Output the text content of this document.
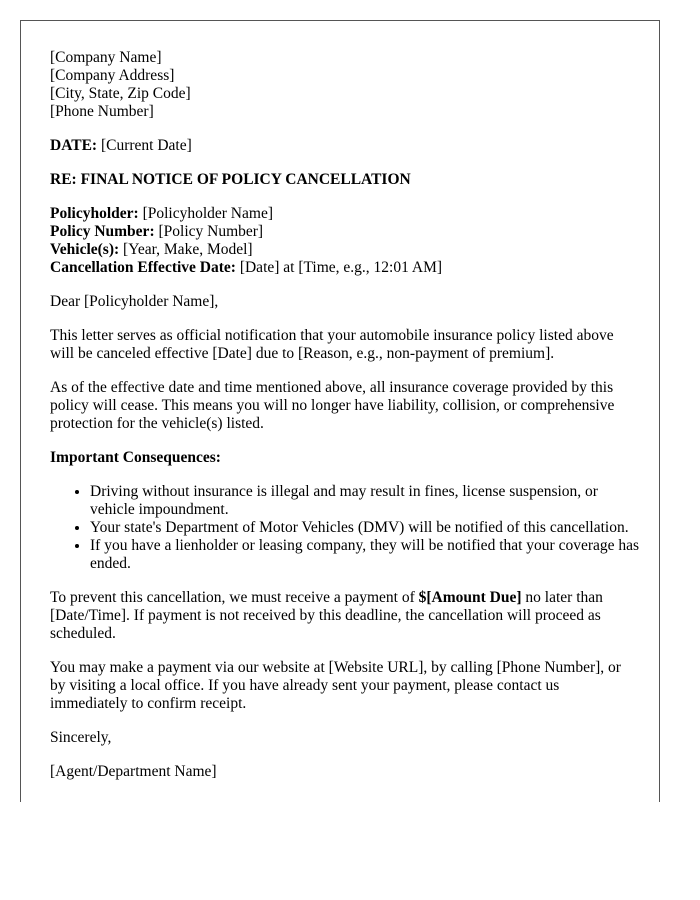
[Company Name]
[Company Address]
[City, State, Zip Code]
[Phone Number]
DATE: [Current Date]
RE: FINAL NOTICE OF POLICY CANCELLATION
Policyholder: [Policyholder Name]
Policy Number: [Policy Number]
Vehicle(s): [Year, Make, Model]
Cancellation Effective Date: [Date] at [Time, e.g., 12:01 AM]

Dear [Policyholder Name],

This letter serves as official notification that your automobile insurance policy listed above will be canceled effective [Date] due to [Reason, e.g., non-payment of premium].

As of the effective date and time mentioned above, all insurance coverage provided by this policy will cease. This means you will no longer have liability, collision, or comprehensive protection for the vehicle(s) listed.

Important Consequences:

• Driving without insurance is illegal and may result in fines, license suspension, or vehicle impoundment.
• Your state's Department of Motor Vehicles (DMV) will be notified of this cancellation.
• If you have a lienholder or leasing company, they will be notified that your coverage has ended.

To prevent this cancellation, we must receive a payment of $[Amount Due] no later than [Date/Time]. If payment is not received by this deadline, the cancellation will proceed as scheduled.

You may make a payment via our website at [Website URL], by calling [Phone Number], or by visiting a local office. If you have already sent your payment, please contact us immediately to confirm receipt.

Sincerely,

[Agent/Department Name]
